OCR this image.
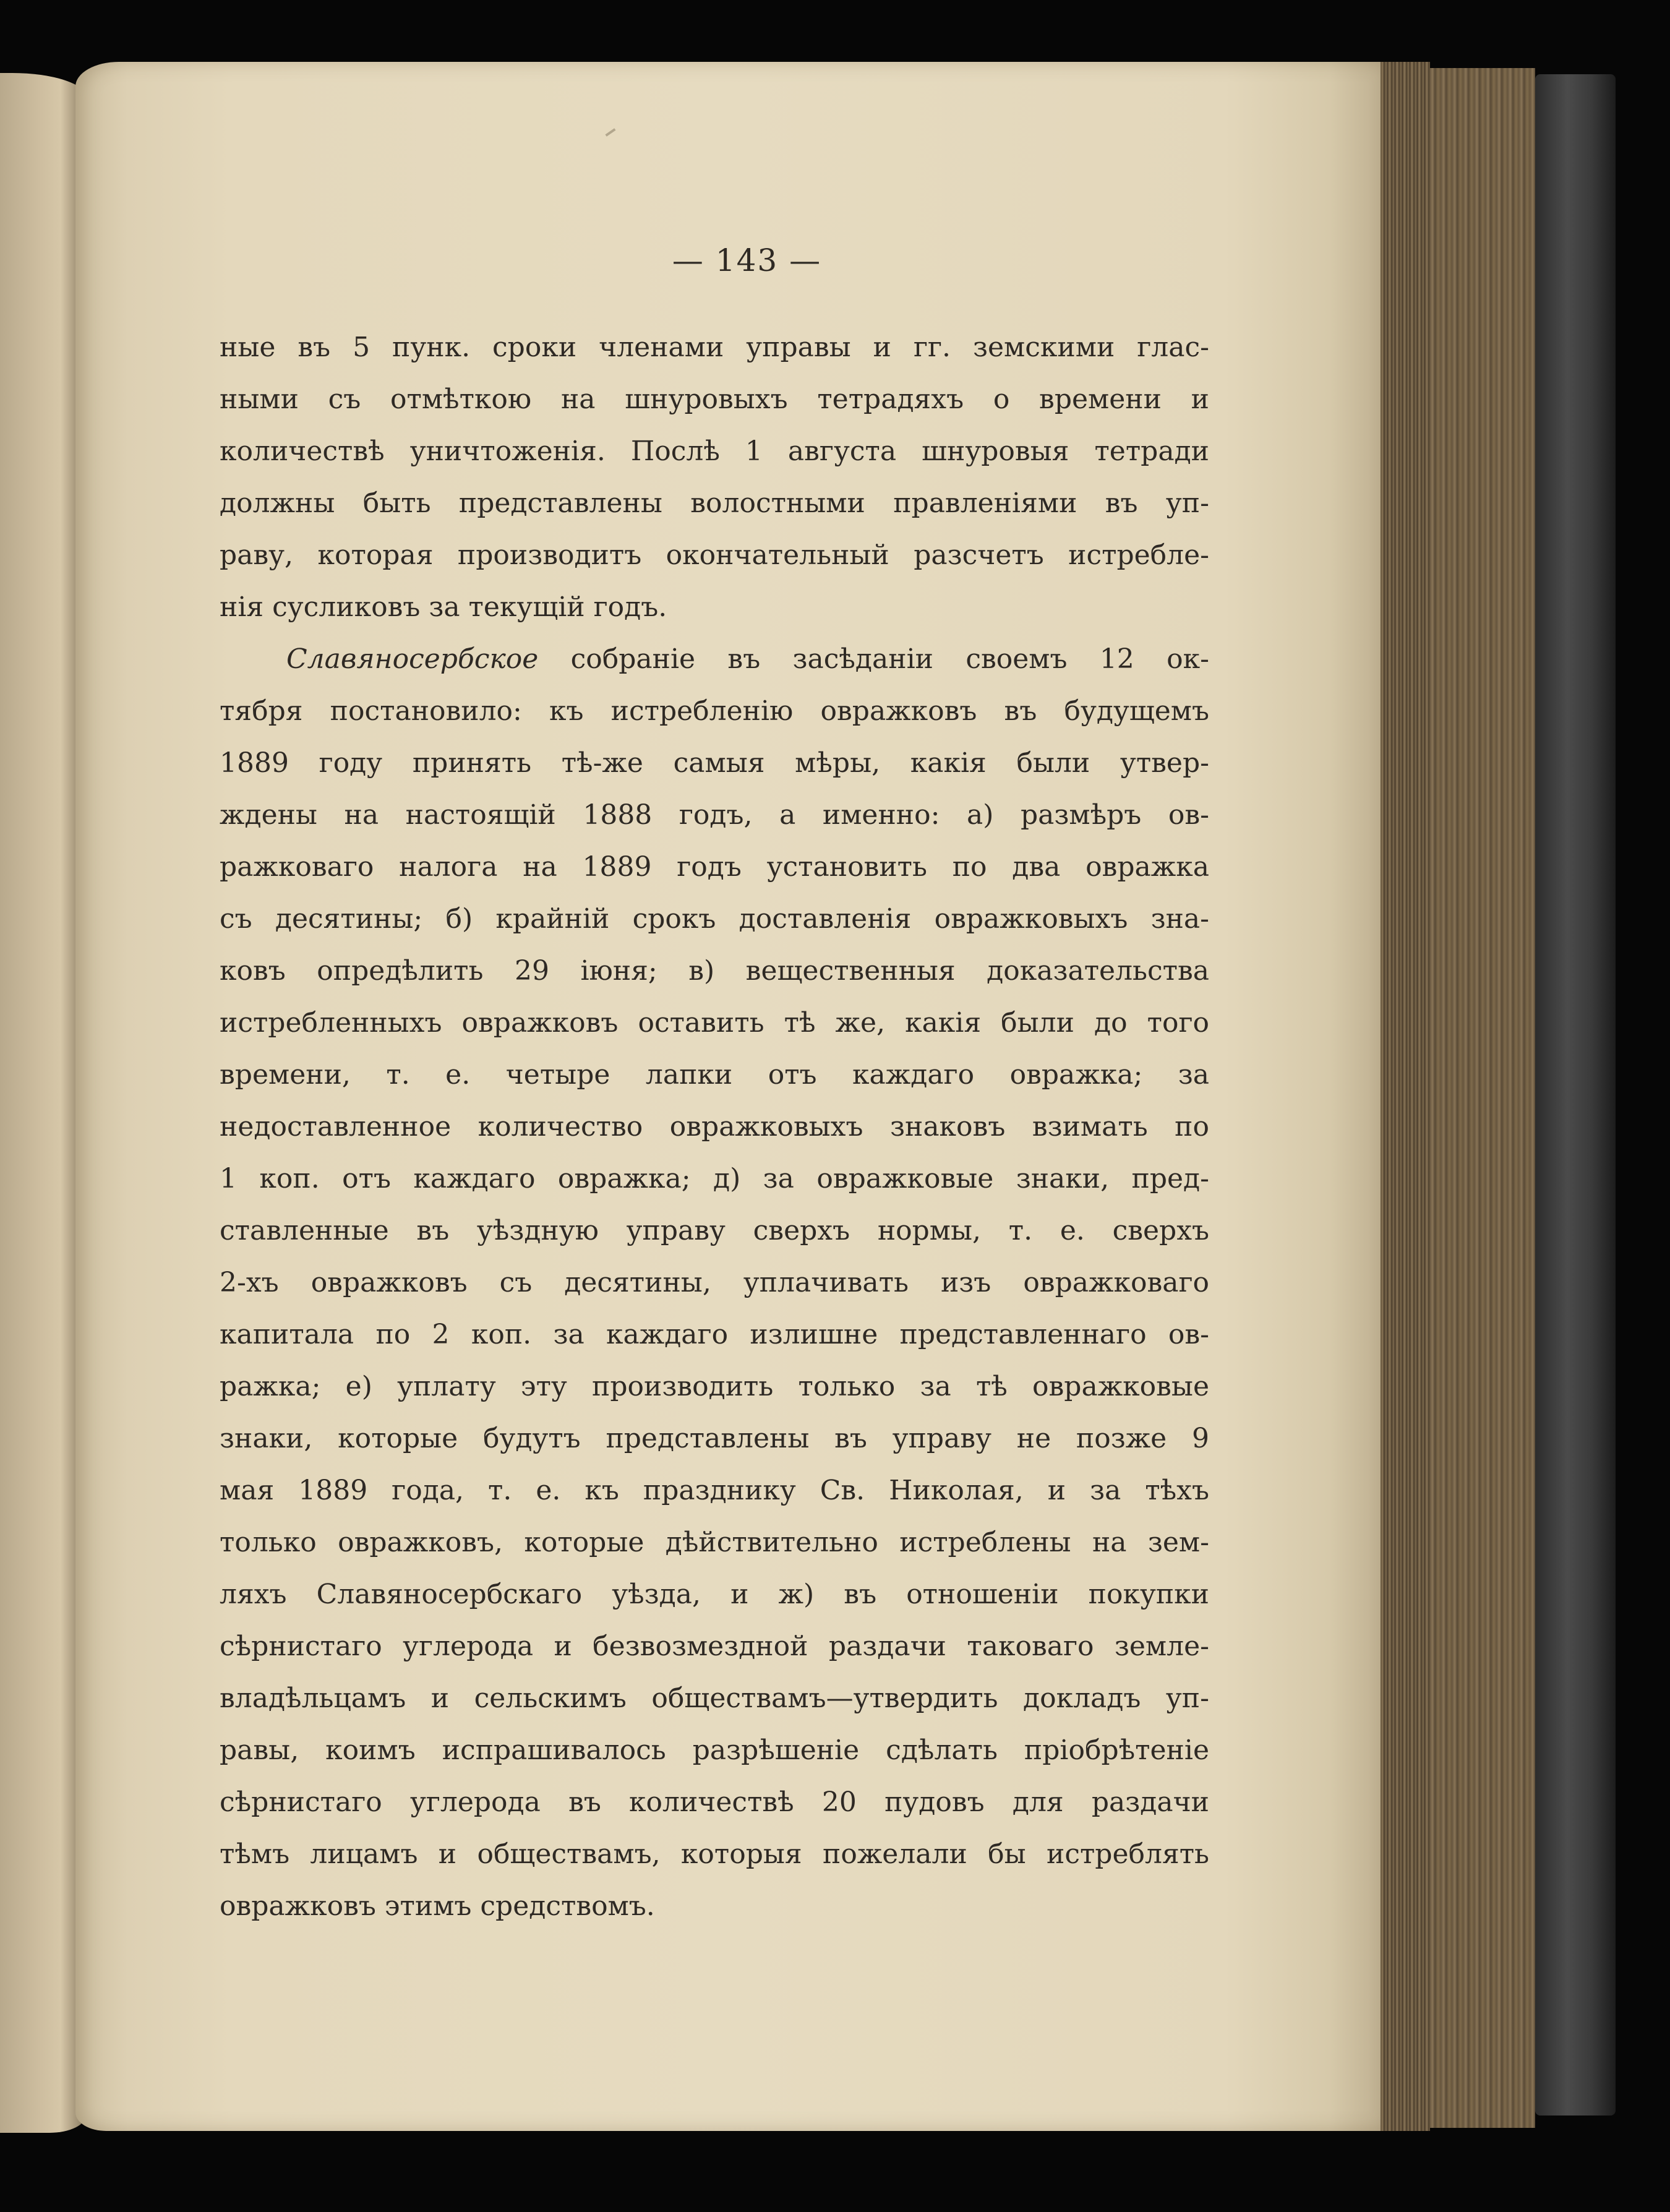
— 143 —
ные въ 5 пунк. сроки членами управы и гг. земскими глас-
ными съ отмѣткою на шнуровыхъ тетрадяхъ о времени и
количествѣ уничтоженія. Послѣ 1 августа шнуровыя тетради
должны быть представлены волостными правленіями въ уп-
раву, которая производитъ окончательный разсчетъ истребле-
нія сусликовъ за текущій годъ.
Славяносербское собраніе въ засѣданіи своемъ 12 ок-
тября постановило: къ истребленію овражковъ въ будущемъ
1889 году принять тѣ-же самыя мѣры, какія были утвер-
ждены на настоящій 1888 годъ, а именно: а) размѣръ ов-
ражковаго налога на 1889 годъ установить по два овражка
съ десятины; б) крайній срокъ доставленія овражковыхъ зна-
ковъ опредѣлить 29 іюня; в) вещественныя доказательства
истребленныхъ овражковъ оставить тѣ же, какія были до того
времени, т. е. четыре лапки отъ каждаго овражка; за
недоставленное количество овражковыхъ знаковъ взимать по
1 коп. отъ каждаго овражка; д) за овражковые знаки, пред-
ставленные въ уѣздную управу сверхъ нормы, т. е. сверхъ
2-хъ овражковъ съ десятины, уплачивать изъ овражковаго
капитала по 2 коп. за каждаго излишне представленнаго ов-
ражка; е) уплату эту производить только за тѣ овражковые
знаки, которые будутъ представлены въ управу не позже 9
мая 1889 года, т. е. къ празднику Св. Николая, и за тѣхъ
только овражковъ, которые дѣйствительно истреблены на зем-
ляхъ Славяносербскаго уѣзда, и ж) въ отношеніи покупки
сѣрнистаго углерода и безвозмездной раздачи таковаго земле-
владѣльцамъ и сельскимъ обществамъ—утвердить докладъ уп-
равы, коимъ испрашивалось разрѣшеніе сдѣлать пріобрѣтеніе
сѣрнистаго углерода въ количествѣ 20 пудовъ для раздачи
тѣмъ лицамъ и обществамъ, которыя пожелали бы истреблять
овражковъ этимъ средствомъ.
